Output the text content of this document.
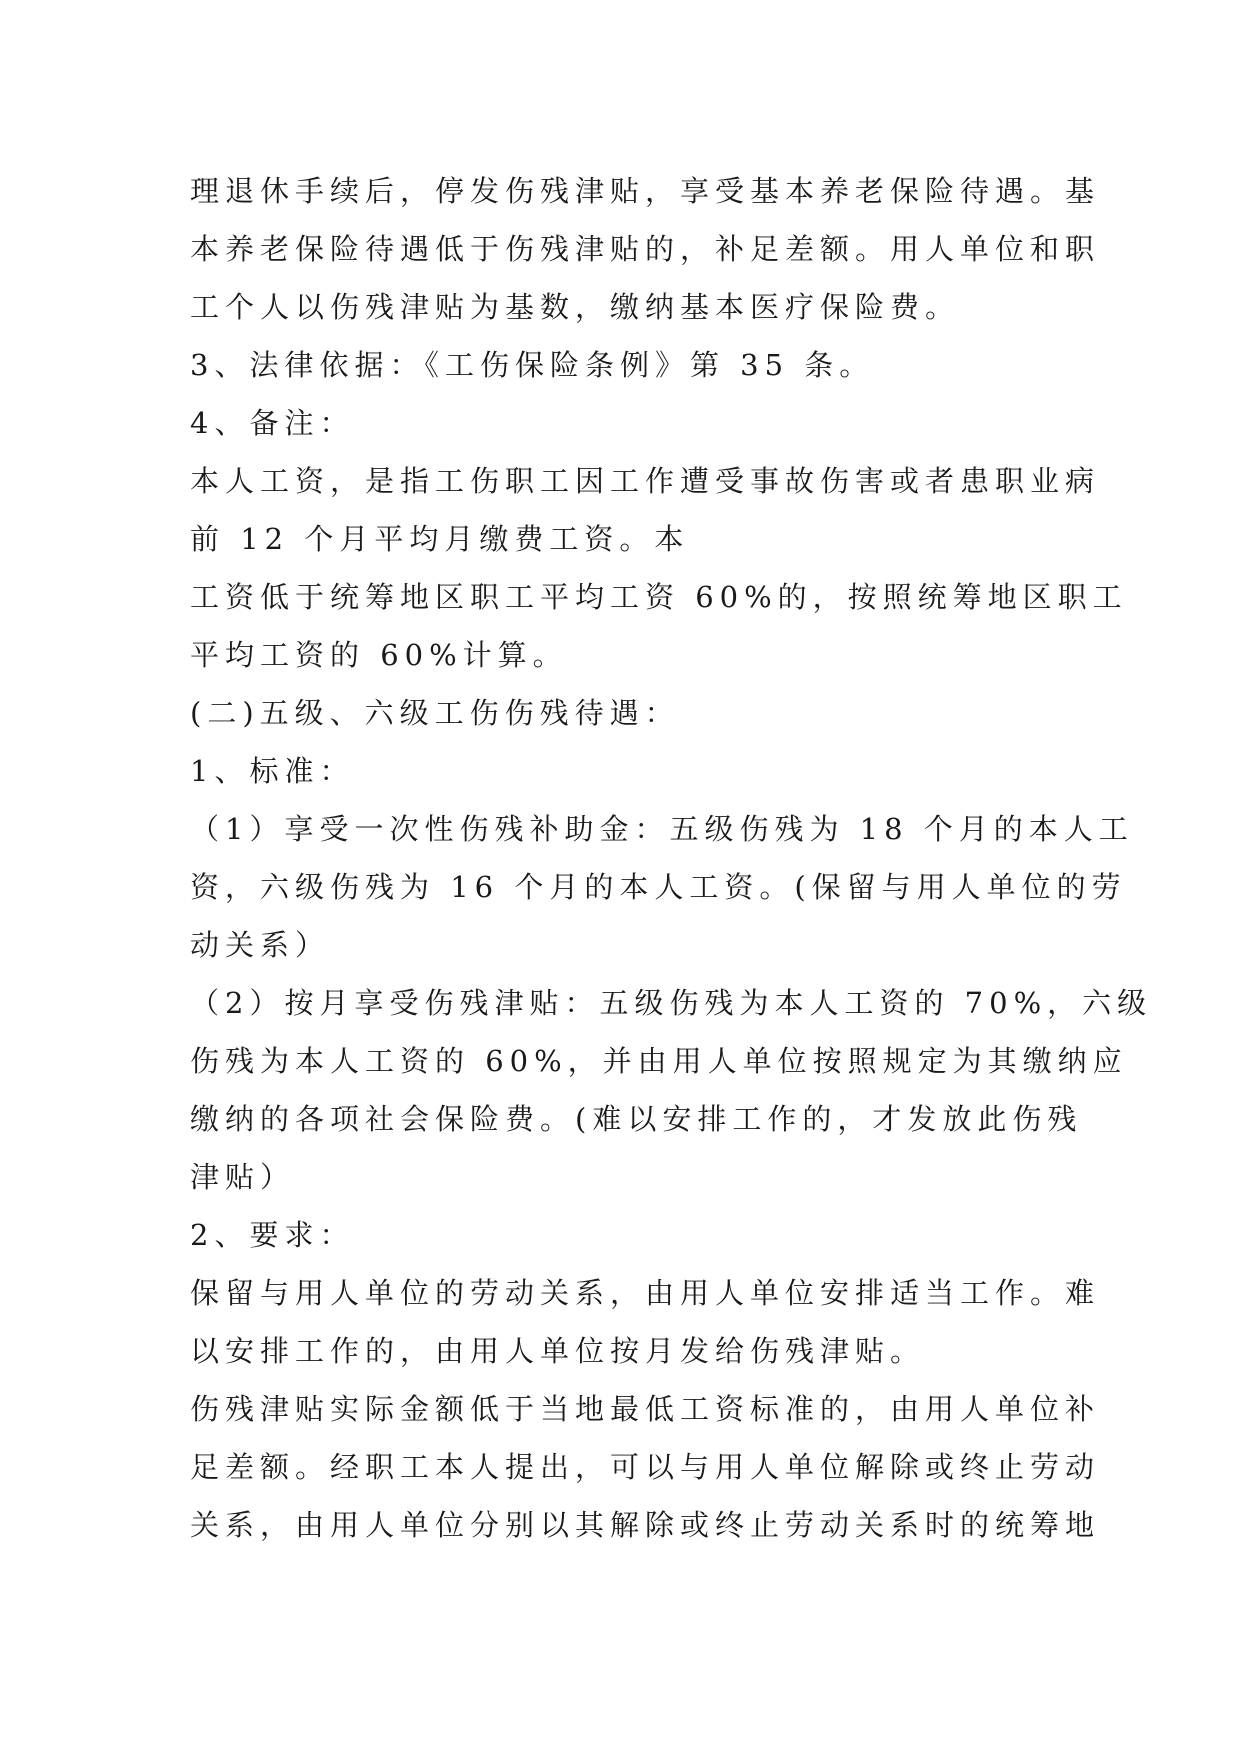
理退休手续后，停发伤残津贴，享受基本养老保险待遇。基
本养老保险待遇低于伤残津贴的，补足差额。用人单位和职
工个人以伤残津贴为基数，缴纳基本医疗保险费。
3、法律依据：《工伤保险条例》第 35 条。
4、备注：
本人工资，是指工伤职工因工作遭受事故伤害或者患职业病
前 12 个月平均月缴费工资。本
工资低于统筹地区职工平均工资 60%的，按照统筹地区职工
平均工资的 60%计算。
(二)五级、六级工伤伤残待遇：
1、标准：
（1）享受一次性伤残补助金：五级伤残为 18 个月的本人工
资，六级伤残为 16 个月的本人工资。(保留与用人单位的劳
动关系）
（2）按月享受伤残津贴：五级伤残为本人工资的 70%，六级
伤残为本人工资的 60%，并由用人单位按照规定为其缴纳应
缴纳的各项社会保险费。(难以安排工作的，才发放此伤残
津贴）
2、要求：
保留与用人单位的劳动关系，由用人单位安排适当工作。难
以安排工作的，由用人单位按月发给伤残津贴。
伤残津贴实际金额低于当地最低工资标准的，由用人单位补
足差额。经职工本人提出，可以与用人单位解除或终止劳动
关系，由用人单位分别以其解除或终止劳动关系时的统筹地
